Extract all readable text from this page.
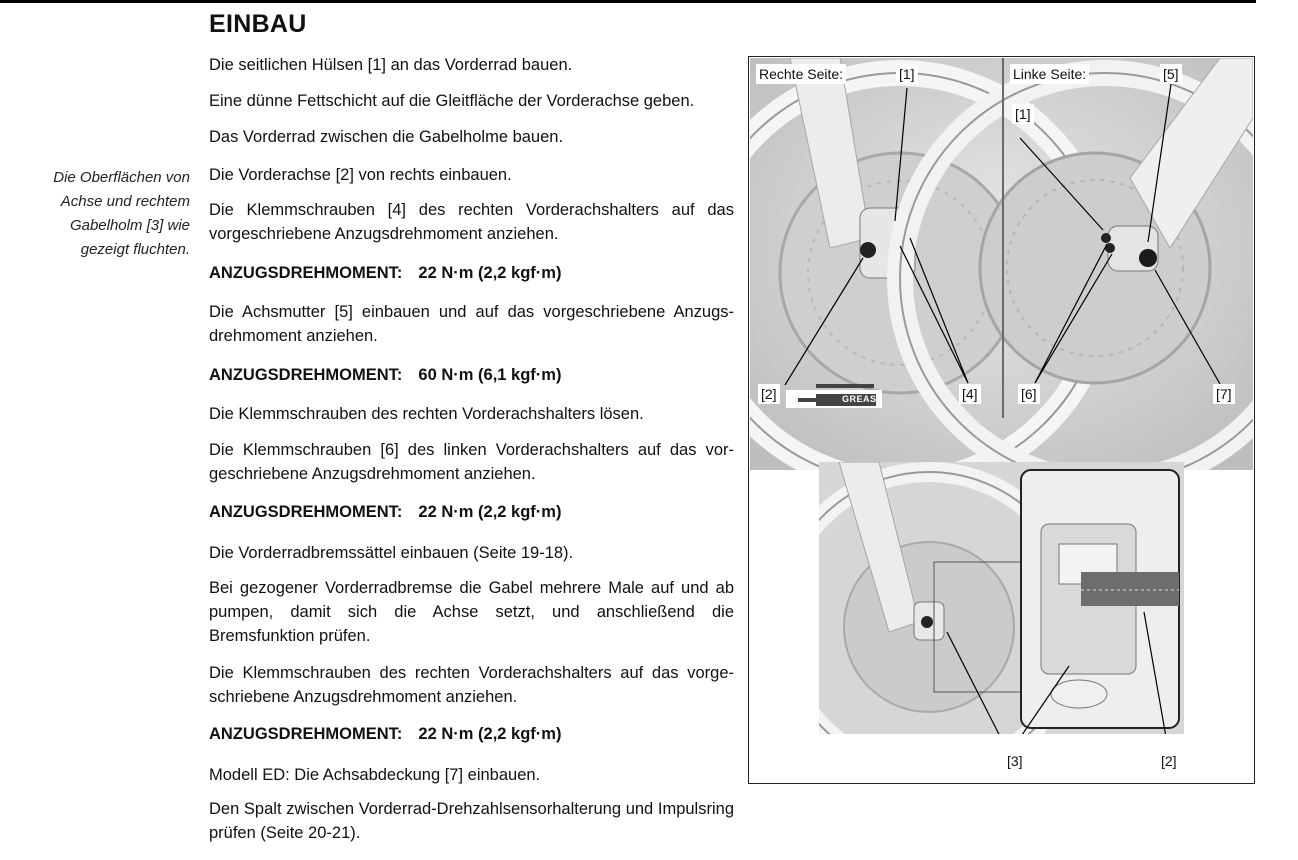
EINBAU
Die Oberflächen von Achse und rechtem Gabelholm [3] wie gezeigt fluchten.

Die seitlichen Hülsen [1] an das Vorderrad bauen.

Eine dünne Fettschicht auf die Gleitfläche der Vorderachse geben.

Das Vorderrad zwischen die Gabelholme bauen.

Die Vorderachse [2] von rechts einbauen.

Die Klemmschrauben [4] des rechten Vorderachshalters auf das vorgeschriebene Anzugsdrehmoment anziehen.

ANZUGSDREHMOMENT: 22 N·m (2,2 kgf·m)

Die Achsmutter [5] einbauen und auf das vorgeschriebene Anzugs-drehmoment anziehen.

ANZUGSDREHMOMENT: 60 N·m (6,1 kgf·m)

Die Klemmschrauben des rechten Vorderachshalters lösen.

Die Klemmschrauben [6] des linken Vorderachshalters auf das vor-geschriebene Anzugsdrehmoment anziehen.

ANZUGSDREHMOMENT: 22 N·m (2,2 kgf·m)

Die Vorderradbremssättel einbauen (Seite 19-18).

Bei gezogener Vorderradbremse die Gabel mehrere Male auf und ab pumpen, damit sich die Achse setzt, und anschließend die Bremsfunktion prüfen.

Die Klemmschrauben des rechten Vorderachshalters auf das vorge-schriebene Anzugsdrehmoment anziehen.

ANZUGSDREHMOMENT: 22 N·m (2,2 kgf·m)

Modell ED: Die Achsabdeckung [7] einbauen.

Den Spalt zwischen Vorderrad-Drehzahlsensorhalterung und Impulsring prüfen (Seite 20-21).

Rechte Seite:	Linke Seite:
[1]
[1]
[5]
[2]	[4]	[6]	[7]
GREASE
[3]	[2]
